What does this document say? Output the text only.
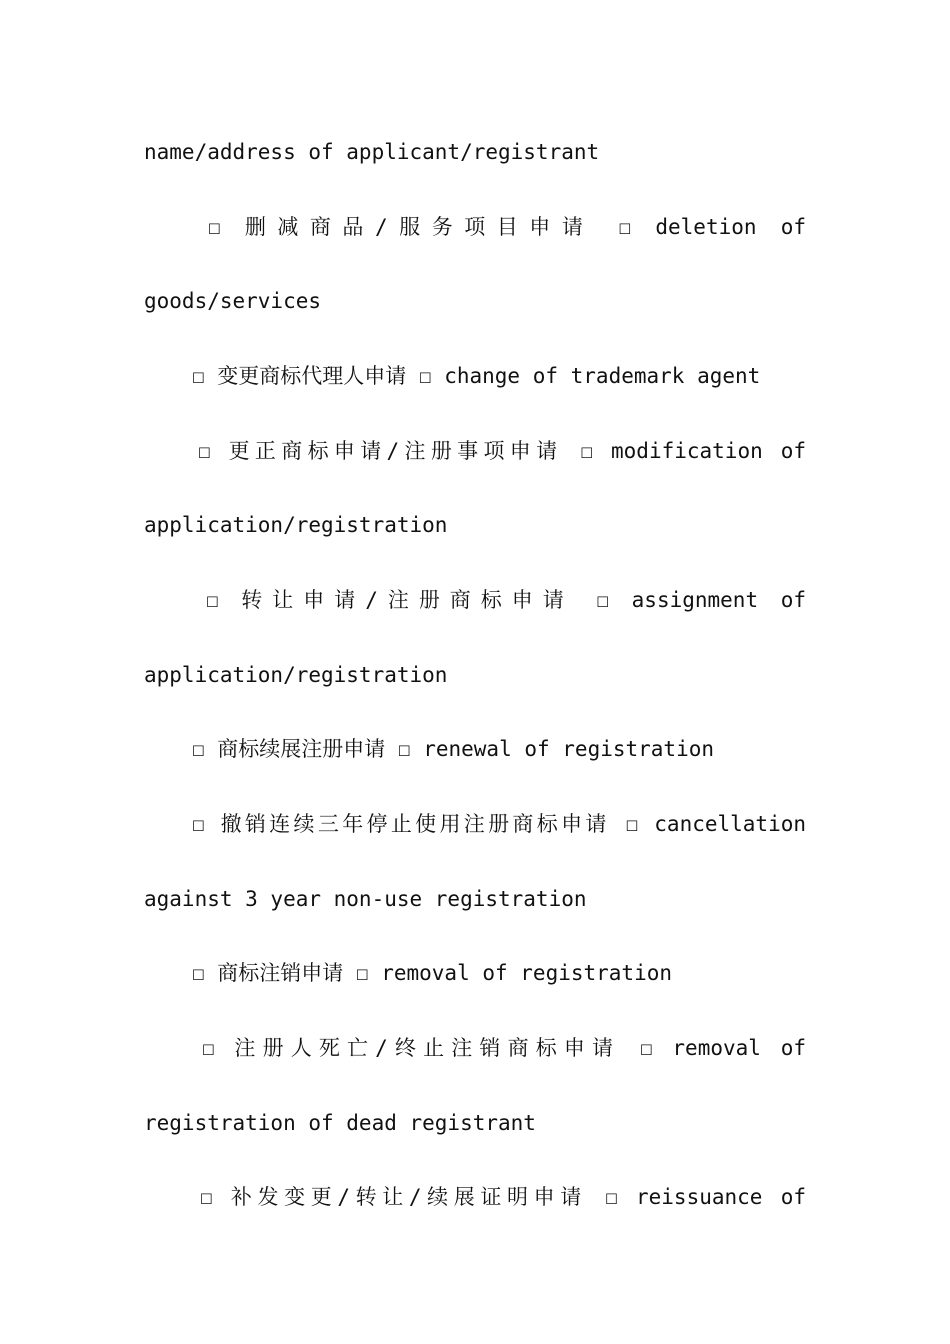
name/address of applicant/registrant
☐ 删减商品/服务项目申请 ☐ deletion of
goods/services
☐ 变更商标代理人申请 ☐ change of trademark agent
☐ 更正商标申请/注册事项申请 ☐ modification of
application/registration
☐ 转让申请/注册商标申请 ☐ assignment of
application/registration
☐ 商标续展注册申请 ☐ renewal of registration
☐ 撤销连续三年停止使用注册商标申请 ☐ cancellation
against 3 year non-use registration
☐ 商标注销申请 ☐ removal of registration
☐ 注册人死亡/终止注销商标申请 ☐ removal of
registration of dead registrant
☐ 补发变更/转让/续展证明申请 ☐ reissuance of
